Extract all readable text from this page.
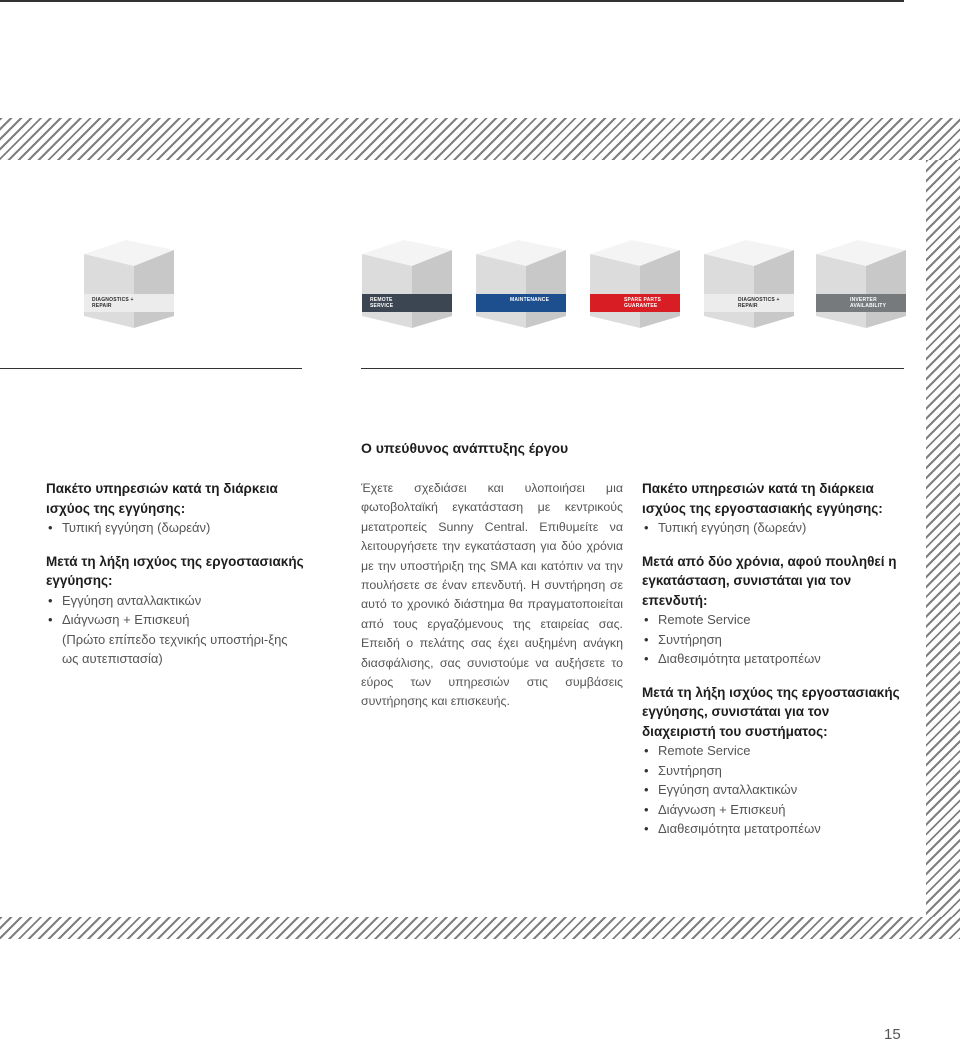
DIAGNOSTICS +
REPAIR
REMOTE
SERVICE
MAINTENANCE	SPARE PARTS
GUARANTEE
DIAGNOSTICS +
REPAIR
INVERTER
AVAILABILITY
Ο υπεύθυνος ανάπτυξης έργου
Πακέτο υπηρεσιών κατά τη διάρκεια ισχύος της εγγύησης:
• Τυπική εγγύηση (δωρεάν)
Μετά τη λήξη ισχύος της εργοστασιακής εγγύησης:
• Εγγύηση ανταλλακτικών
• Διάγνωση + Επισκευή
(Πρώτο επίπεδο τεχνικής υποστήρι-ξης ως αυτεπιστασία)
Έχετε σχεδιάσει και υλοποιήσει μια φωτοβολταϊκή εγκατάσταση με κεντρικούς μετατροπείς Sunny Central. Επιθυμείτε να λειτουργήσετε την εγκατάσταση για δύο χρόνια με την υποστήριξη της SMA και κατόπιν να την πουλήσετε σε έναν επενδυτή. Η συντήρηση σε αυτό το χρονικό διάστημα θα πραγματοποιείται από τους εργαζόμενους της εταιρείας σας. Επειδή ο πελάτης σας έχει αυξημένη ανάγκη διασφάλισης, σας συνιστούμε να αυξήσετε το εύρος των υπηρεσιών στις συμβάσεις συντήρησης και επισκευής.
Πακέτο υπηρεσιών κατά τη διάρκεια ισχύος της εργοστασιακής εγγύησης:
• Τυπική εγγύηση (δωρεάν)
Μετά από δύο χρόνια, αφού πουληθεί η εγκατάσταση, συνιστάται για τον επενδυτή:
• Remote Service
• Συντήρηση
• Διαθεσιμότητα μετατροπέων
Μετά τη λήξη ισχύος της εργοστασιακής εγγύησης, συνιστάται για τον διαχειριστή του συστήματος:
• Remote Service
• Συντήρηση
• Εγγύηση ανταλλακτικών
• Διάγνωση + Επισκευή
• Διαθεσιμότητα μετατροπέων
15
